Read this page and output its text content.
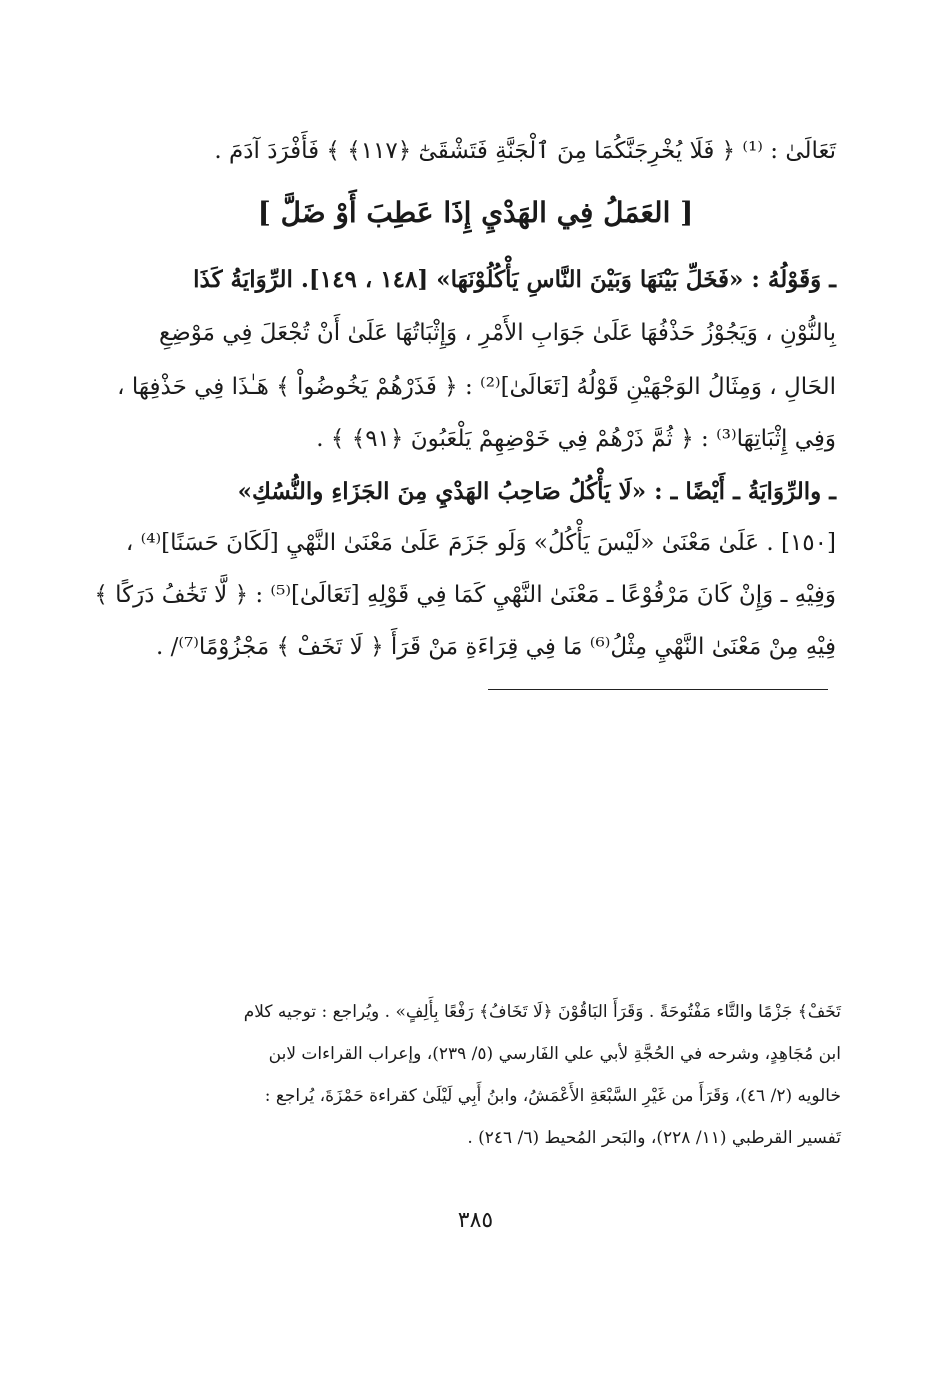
تَعَالَىٰ : ⁽¹⁾ ﴿ فَلَا يُخْرِجَنَّكُمَا مِنَ ٱلْجَنَّةِ فَتَشْقَىٰٓ ﴿١١٧﴾ ﴾ فَأَفْرَدَ آدَمَ .
[ العَمَلُ فِي الهَدْيِ إِذَا عَطِبَ أَوْ ضَلَّ ]
ـ وَقَوْلُهُ : «فَخَلِّ بَيْنَهَا وَبَيْنَ النَّاسِ يَأْكُلُوْنَهَا» [١٤٨ ، ١٤٩]. الرِّوَايَةُ كَذَا
بِالنُّوْنِ ، وَيَجُوْزُ حَذْفُهَا عَلَىٰ جَوَابِ الأَمْرِ ، وَإِثْبَاتُهَا عَلَىٰ أَنْ تُجْعَلَ فِي مَوْضِعِ
الحَالِ ، وَمِثَالُ الوَجْهَيْنِ قَوْلُهُ [تَعَالَىٰ]⁽²⁾ : ﴿ فَذَرْهُمْ يَخُوضُواْ ﴾ هَـٰذَا فِي حَذْفِهَا ،
وَفِي إِثْبَاتِهَا⁽³⁾ : ﴿ ثُمَّ ذَرْهُمْ فِي خَوْضِهِمْ يَلْعَبُونَ ﴿٩١﴾ ﴾ .
ـ والرِّوَايَةُ ـ أَيْضًا ـ : «لَا يَأْكُلُ صَاحِبُ الهَدْيِ مِنَ الجَزَاءِ والنُّسُكِ»
[١٥٠] . عَلَىٰ مَعْنَىٰ «لَيْسَ يَأْكُلُ» وَلَو جَزَمَ عَلَىٰ مَعْنَىٰ النَّهْيِ [لَكَانَ حَسَنًا]⁽⁴⁾ ،
وَفِيْهِ ـ وَإِنْ كَانَ مَرْفُوْعًا ـ مَعْنَىٰ النَّهْيِ كَمَا فِي قَوْلِهِ [تَعَالَىٰ]⁽⁵⁾ : ﴿ لَّا تَخَٰفُ دَرَكًا ﴾
فِيْهِ مِنْ مَعْنَىٰ النَّهْيِ مِثْلُ⁽⁶⁾ مَا فِي قِرَاءَةِ مَنْ قَرَأَ ﴿ لَا تَخَفْ ﴾ مَجْزُوْمًا⁽⁷⁾/ .
تَخَفْ﴾ جَزْمًا والتَّاء مَفْتُوحَةً . وَقَرَأَ البَاقُوْنَ ﴿لَا تَخَافُ﴾ رَفْعًا بِأَلِفٍ» . ويُراجع : توجيه كلام
ابن مُجَاهِدٍ، وشرحه في الحُجَّةِ لأبي علي الفَارسي (٥/ ٢٣٩)، وإعراب القراءات لابن
خالويه (٢/ ٤٦)، وَقَرَأَ من غَيْرِ السَّبْعَةِ الأَعْمَشُ، وابنُ أَبِي لَيْلَىٰ كقراءة حَمْزَةَ، يُراجع :
تَفسير القرطبي (١١/ ٢٢٨)، والبَحر المُحيط (٦/ ٢٤٦) .
٣٨٥
